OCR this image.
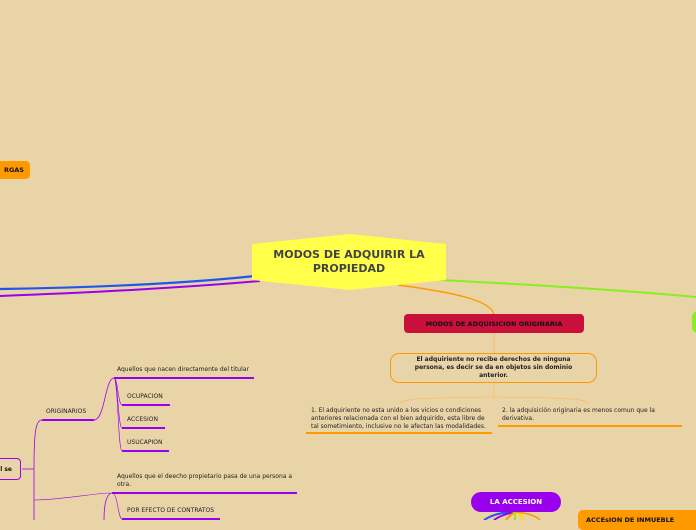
MODOS DE ADQUIRIR LA PROPIEDAD
RGAS
l se
MODOS DE ADQUISICION ORIGINARIA
El adquiriente no recibe derechos de ninguna persona, es decir se da en objetos sin dominio anterior.
1. El adquiriente no esta unido a los vicios o condiciones anteriores relacionada con el bien adquirido, esta libre de tal sometimiento, inclusive no le afectan las modalidades.
2. la adquisición originaria es menos comun que la derivativa.
ORIGINARIOS
Aquellos que nacen directamente del titular
OCUPACION
ACCESION
USUCAPION
Aquellos que el deecho propietario pasa de una persona a otra.
POR EFECTO DE CONTRATOS
LA ACCESION
ACCEsION DE INMUEBLE
